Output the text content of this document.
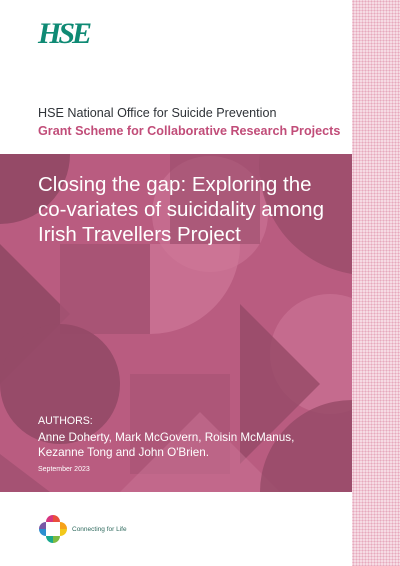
HSE
HSE National Office for Suicide Prevention
Grant Scheme for Collaborative Research Projects
Closing the gap: Exploring the co-variates of suicidality among Irish Travellers Project
AUTHORS:
Anne Doherty, Mark McGovern, Roisin McManus, Kezanne Tong and John O'Brien.
September 2023
Connecting for Life
